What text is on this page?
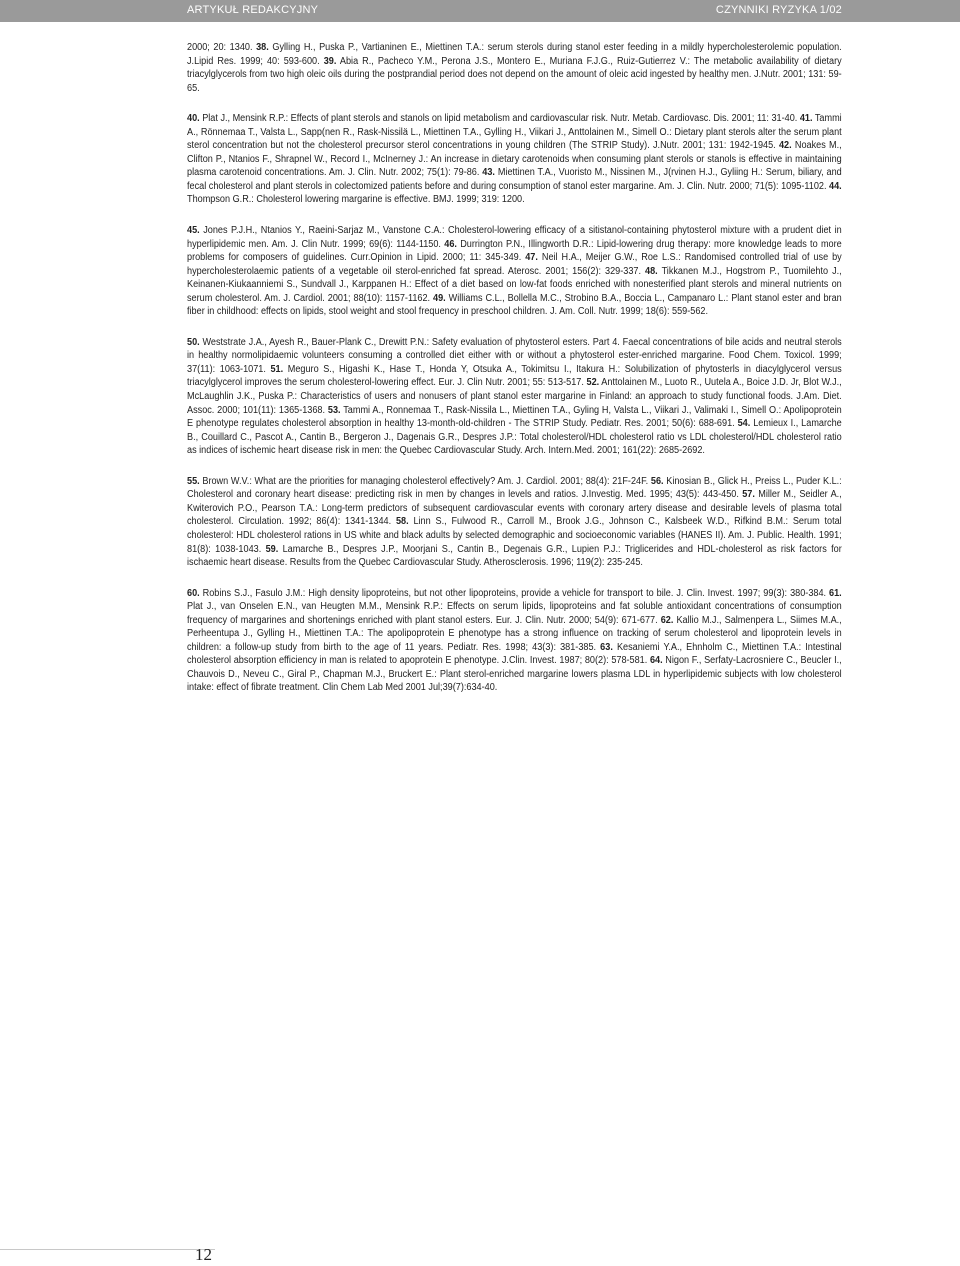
ARTYKUŁ REDAKCYJNY	CZYNNIKI RYZYKA 1/02

2000; 20: 1340. 38. Gylling H., Puska P., Vartianinen E., Miettinen T.A.: serum sterols during stanol ester feeding in a mildly hypercholesterolemic population. J.Lipid Res. 1999; 40: 593-600. 39. Abia R., Pacheco Y.M., Perona J.S., Montero E., Muriana F.J.G., Ruiz-Gutierrez V.: The metabolic availability of dietary triacylglycerols from two high oleic oils during the postprandial period does not depend on the amount of oleic acid ingested by healthy men. J.Nutr. 2001; 131: 59-65.

40. Plat J., Mensink R.P.: Effects of plant sterols and stanols on lipid metabolism and cardiovascular risk. Nutr. Metab. Cardiovasc. Dis. 2001; 11: 31-40. 41. Tammi A., Rönnemaa T., Valsta L., Sapp(nen R., Rask-Nissilä L., Miettinen T.A., Gylling H., Viikari J., Anttolainen M., Simell O.: Dietary plant sterols alter the serum plant sterol concentration but not the cholesterol precursor sterol concentrations in young children (The STRIP Study). J.Nutr. 2001; 131: 1942-1945. 42. Noakes M., Clifton P., Ntanios F., Shrapnel W., Record I., McInerney J.: An increase in dietary carotenoids when consuming plant sterols or stanols is effective in maintaining plasma carotenoid concentrations. Am. J. Clin. Nutr. 2002; 75(1): 79-86. 43. Miettinen T.A., Vuoristo M., Nissinen M., J(rvinen H.J., Gyliing H.: Serum, biliary, and fecal cholesterol and plant sterols in colectomized patients before and during consumption of stanol ester margarine. Am. J. Clin. Nutr. 2000; 71(5): 1095-1102. 44. Thompson G.R.: Cholesterol lowering margarine is effective. BMJ. 1999; 319: 1200.

45. Jones P.J.H., Ntanios Y., Raeini-Sarjaz M., Vanstone C.A.: Cholesterol-lowering efficacy of a sitistanol-containing phytosterol mixture with a prudent diet in hyperlipidemic men. Am. J. Clin Nutr. 1999; 69(6): 1144-1150. 46. Durrington P.N., Illingworth D.R.: Lipid-lowering drug therapy: more knowledge leads to more problems for composers of guidelines. Curr.Opinion in Lipid. 2000; 11: 345-349. 47. Neil H.A., Meijer G.W., Roe L.S.: Randomised controlled trial of use by hypercholesterolaemic patients of a vegetable oil sterol-enriched fat spread. Aterosc. 2001; 156(2): 329-337. 48. Tikkanen M.J., Hogstrom P., Tuomilehto J., Keinanen-Kiukaanniemi S., Sundvall J., Karppanen H.: Effect of a diet based on low-fat foods enriched with nonesterified plant sterols and mineral nutrients on serum cholesterol. Am. J. Cardiol. 2001; 88(10): 1157-1162. 49. Williams C.L., Bollella M.C., Strobino B.A., Boccia L., Campanaro L.: Plant stanol ester and bran fiber in childhood: effects on lipids, stool weight and stool frequency in preschool children. J. Am. Coll. Nutr. 1999; 18(6): 559-562.

50. Weststrate J.A., Ayesh R., Bauer-Plank C., Drewitt P.N.: Safety evaluation of phytosterol esters. Part 4. Faecal concentrations of bile acids and neutral sterols in healthy normolipidaemic volunteers consuming a controlled diet either with or without a phytosterol ester-enriched margarine. Food Chem. Toxicol. 1999; 37(11): 1063-1071. 51. Meguro S., Higashi K., Hase T., Honda Y, Otsuka A., Tokimitsu I., Itakura H.: Solubilization of phytosterls in diacylglycerol versus triacylglycerol improves the serum cholesterol-lowering effect. Eur. J. Clin Nutr. 2001; 55: 513-517. 52. Anttolainen M., Luoto R., Uutela A., Boice J.D. Jr, Blot W.J., McLaughlin J.K., Puska P.: Characteristics of users and nonusers of plant stanol ester margarine in Finland: an approach to study functional foods. J.Am. Diet. Assoc. 2000; 101(11): 1365-1368. 53. Tammi A., Ronnemaa T., Rask-Nissila L., Miettinen T.A., Gyling H, Valsta L., Viikari J., Valimaki I., Simell O.: Apolipoprotein E phenotype regulates cholesterol absorption in healthy 13-month-old-children - The STRIP Study. Pediatr. Res. 2001; 50(6): 688-691. 54. Lemieux I., Lamarche B., Couillard C., Pascot A., Cantin B., Bergeron J., Dagenais G.R., Despres J.P.: Total cholesterol/HDL cholesterol ratio vs LDL cholesterol/HDL cholesterol ratio as indices of ischemic heart disease risk in men: the Quebec Cardiovascular Study. Arch. Intern.Med. 2001; 161(22): 2685-2692.

55. Brown W.V.: What are the priorities for managing cholesterol effectively? Am. J. Cardiol. 2001; 88(4): 21F-24F. 56. Kinosian B., Glick H., Preiss L., Puder K.L.: Cholesterol and coronary heart disease: predicting risk in men by changes in levels and ratios. J.Investig. Med. 1995; 43(5): 443-450. 57. Miller M., Seidler A., Kwiterovich P.O., Pearson T.A.: Long-term predictors of subsequent cardiovascular events with coronary artery disease and desirable levels of plasma total cholesterol. Circulation. 1992; 86(4): 1341-1344. 58. Linn S., Fulwood R., Carroll M., Brook J.G., Johnson C., Kalsbeek W.D., Rifkind B.M.: Serum total cholesterol: HDL cholesterol rations in US white and black adults by selected demographic and socioeconomic variables (HANES II). Am. J. Public. Health. 1991; 81(8): 1038-1043. 59. Lamarche B., Despres J.P., Moorjani S., Cantin B., Degenais G.R., Lupien P.J.: Triglicerides and HDL-cholesterol as risk factors for ischaemic heart disease. Results from the Quebec Cardiovascular Study. Atherosclerosis. 1996; 119(2): 235-245.

60. Robins S.J., Fasulo J.M.: High density lipoproteins, but not other lipoproteins, provide a vehicle for transport to bile. J. Clin. Invest. 1997; 99(3): 380-384. 61. Plat J., van Onselen E.N., van Heugten M.M., Mensink R.P.: Effects on serum lipids, lipoproteins and fat soluble antioxidant concentrations of consumption frequency of margarines and shortenings enriched with plant stanol esters. Eur. J. Clin. Nutr. 2000; 54(9): 671-677. 62. Kallio M.J., Salmenpera L., Siimes M.A., Perheentupa J., Gylling H., Miettinen T.A.: The apolipoprotein E phenotype has a strong influence on tracking of serum cholesterol and lipoprotein levels in children: a follow-up study from birth to the age of 11 years. Pediatr. Res. 1998; 43(3): 381-385. 63. Kesaniemi Y.A., Ehnholm C., Miettinen T.A.: Intestinal cholesterol absorption efficiency in man is related to apoprotein E phenotype. J.Clin. Invest. 1987; 80(2): 578-581. 64. Nigon F., Serfaty-Lacrosniere C., Beucler I., Chauvois D., Neveu C., Giral P., Chapman M.J., Bruckert E.: Plant sterol-enriched margarine lowers plasma LDL in hyperlipidemic subjects with low cholesterol intake: effect of fibrate treatment. Clin Chem Lab Med 2001 Jul;39(7):634-40.

12
